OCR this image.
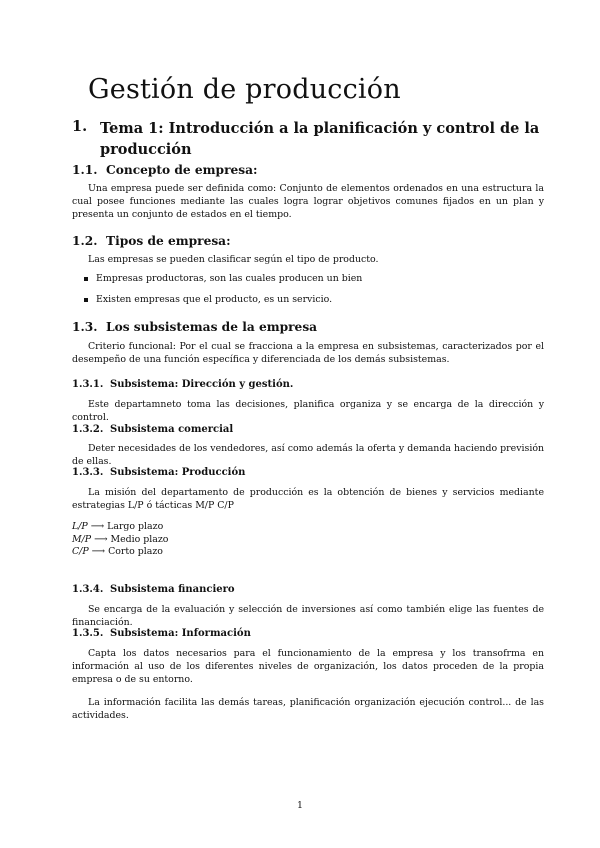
Gestión de producción
1. Tema 1: Introducción a la planificación y control de la producción
1.1. Concepto de empresa:
Una empresa puede ser definida como: Conjunto de elementos ordenados en una estructura la cual posee funciones mediante las cuales logra lograr objetivos comunes fijados en un plan y presenta un conjunto de estados en el tiempo.
1.2. Tipos de empresa:
Las empresas se pueden clasificar según el tipo de producto.
Empresas productoras, son las cuales producen un bien
Existen empresas que el producto, es un servicio.
1.3. Los subsistemas de la empresa
Criterio funcional: Por el cual se fracciona a la empresa en subsistemas, caracterizados por el desempeño de una función específica y diferenciada de los demás subsistemas.
1.3.1. Subsistema: Dirección y gestión.
Este departamneto toma las decisiones, planifica organiza y se encarga de la dirección y control.
1.3.2. Subsistema comercial
Deter necesidades de los vendedores, así como además la oferta y demanda haciendo previsión de ellas.
1.3.3. Subsistema: Producción
La misión del departamento de producción es la obtención de bienes y servicios mediante estrategias L/P ó tácticas M/P C/P
L/P ⟶ Largo plazo
M/P ⟶ Medio plazo
C/P ⟶ Corto plazo
1.3.4. Subsistema financiero
Se encarga de la evaluación y selección de inversiones así como también elige las fuentes de financiación.
1.3.5. Subsistema: Información
Capta los datos necesarios para el funcionamiento de la empresa y los transofrma en información al uso de los diferentes niveles de organización, los datos proceden de la propia empresa o de su entorno.
La información facilita las demás tareas, planificación organización ejecución control... de las actividades.
1
